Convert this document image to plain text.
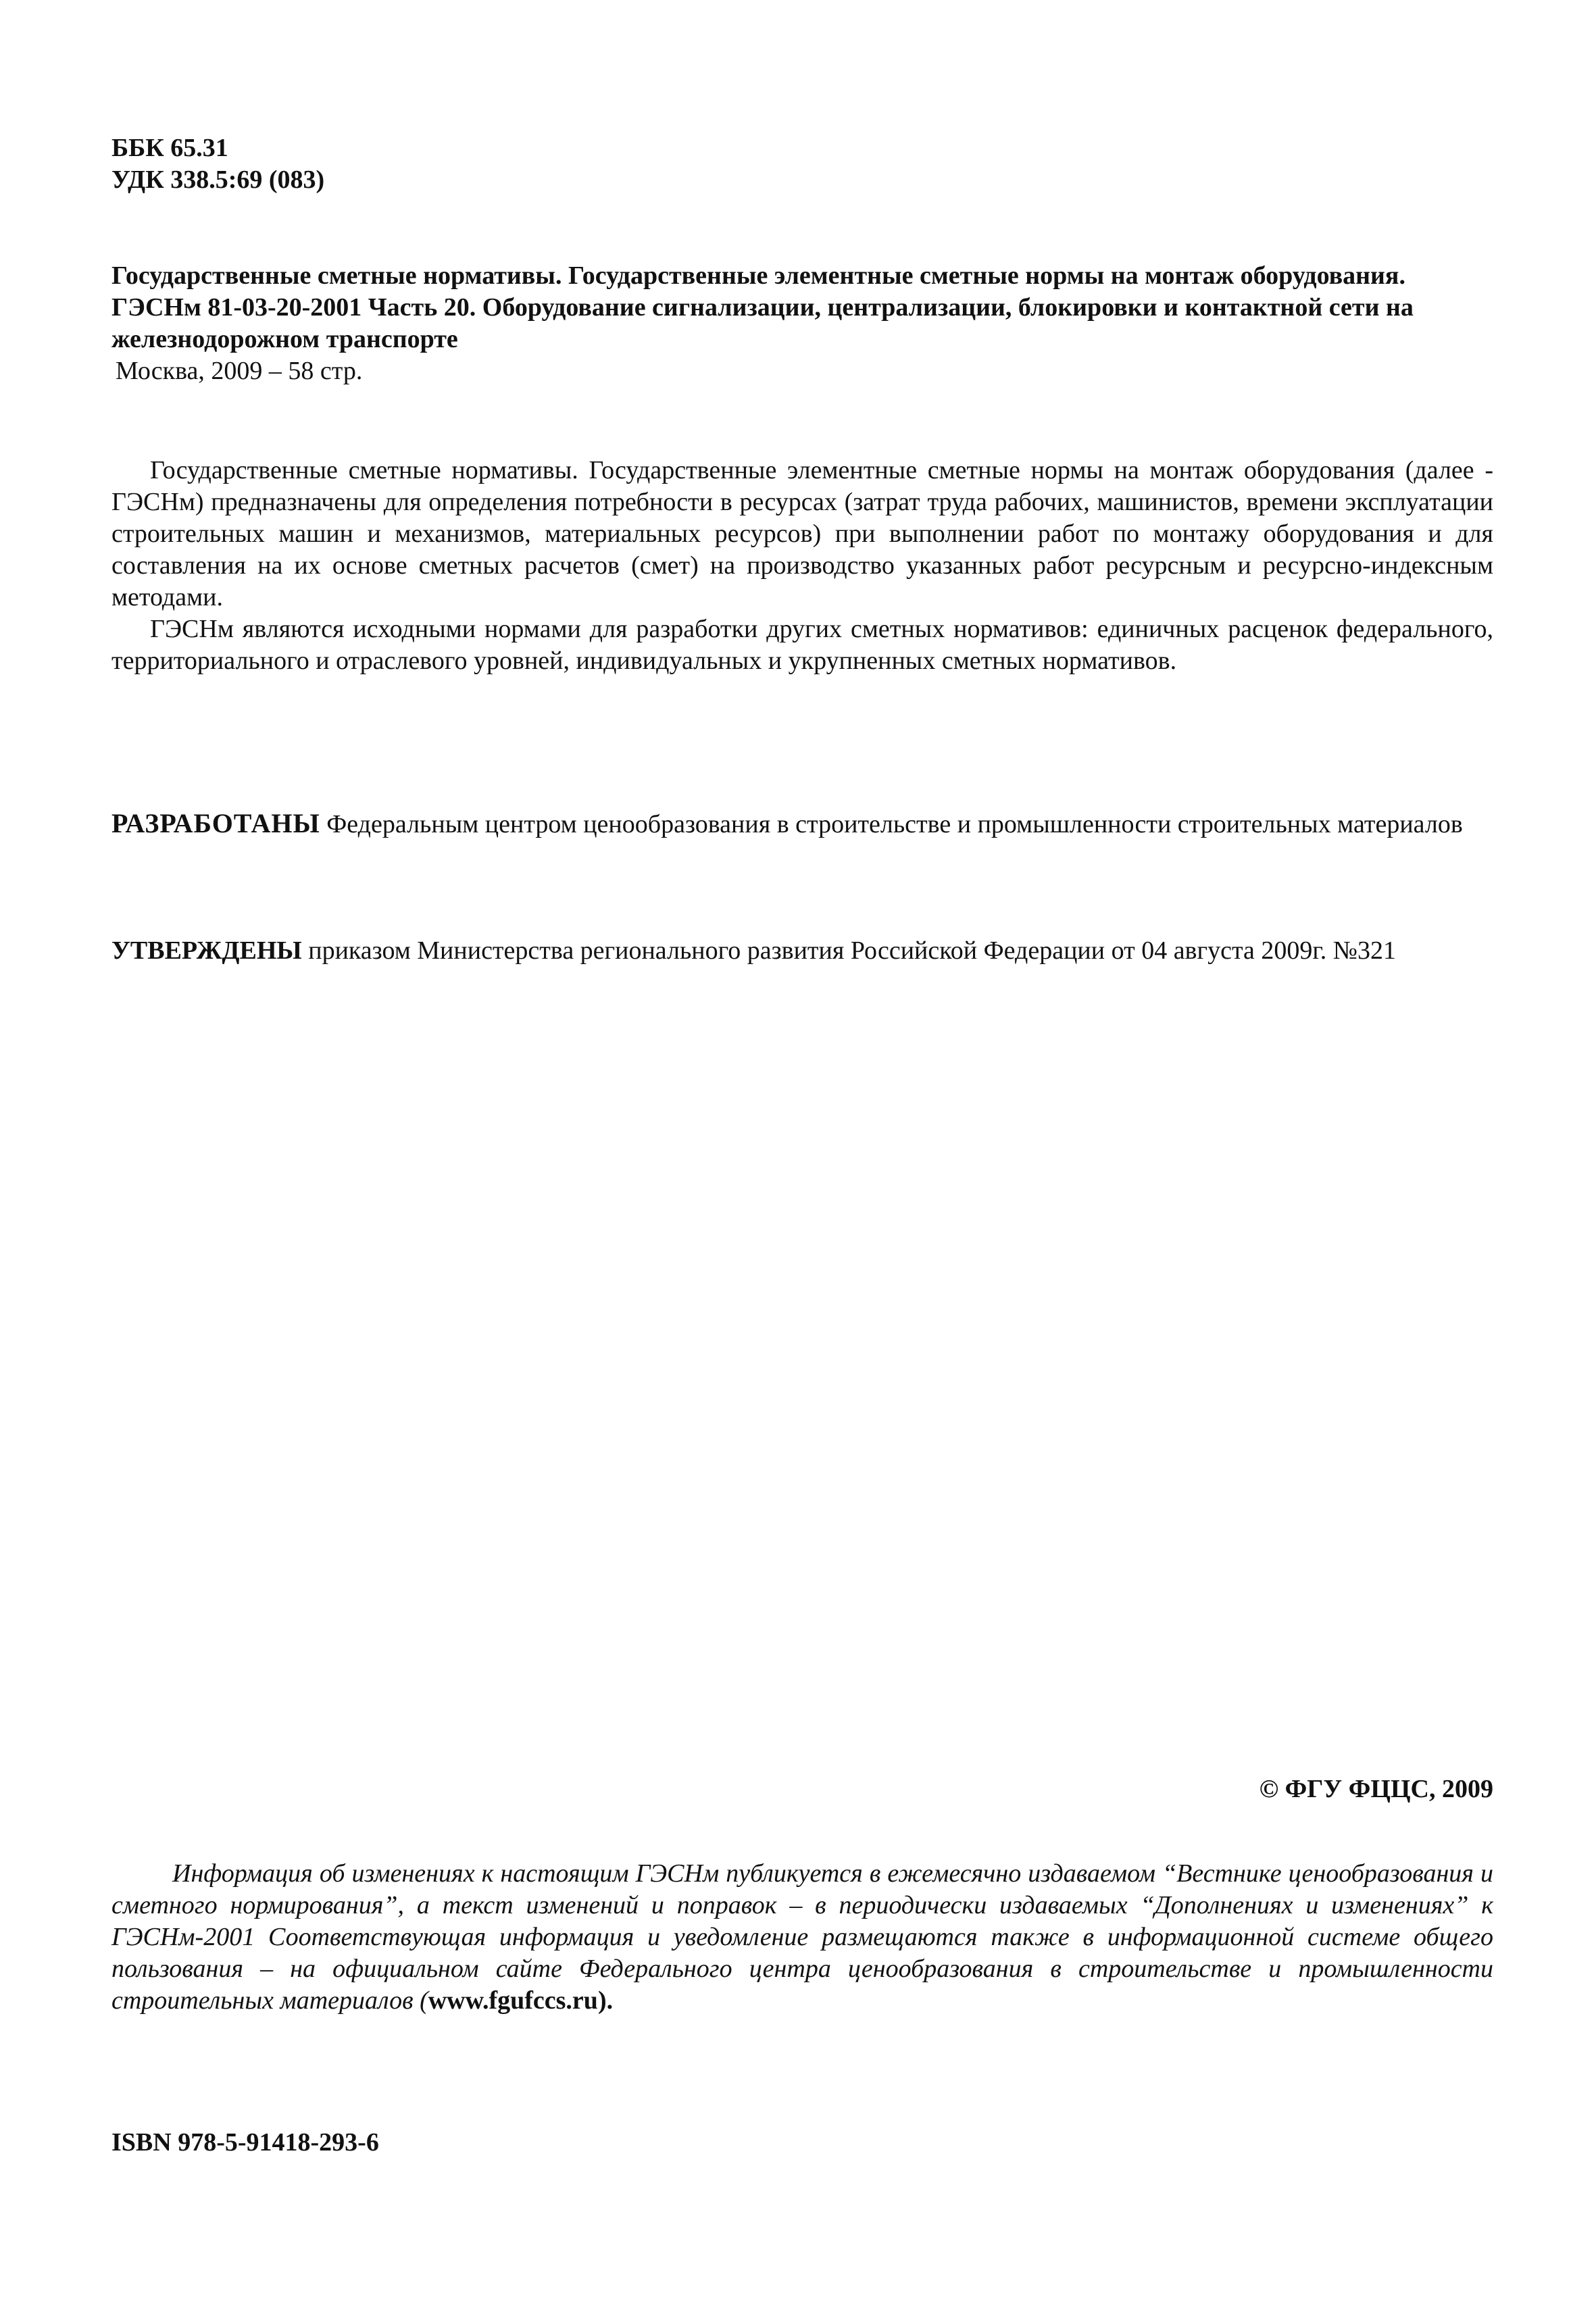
ББК 65.31
УДК 338.5:69 (083)
Государственные сметные нормативы. Государственные элементные сметные нормы на монтаж оборудования.
ГЭСНм 81-03-20-2001 Часть 20. Оборудование сигнализации, централизации, блокировки и контактной сети на железнодорожном транспорте
Москва, 2009 – 58 стр.

Государственные сметные нормативы. Государственные элементные сметные нормы на монтаж оборудования (далее - ГЭСНм) предназначены для определения потребности в ресурсах (затрат труда рабочих, машинистов, времени эксплуатации строительных машин и механизмов, материальных ресурсов) при выполнении работ по монтажу оборудования и для составления на их основе сметных расчетов (смет) на производство указанных работ ресурсным и ресурсно-индексным методами.

ГЭСНм являются исходными нормами для разработки других сметных нормативов: единичных расценок федерального, территориального и отраслевого уровней, индивидуальных и укрупненных сметных нормативов.

РАЗРАБОТАНЫ Федеральным центром ценообразования в строительстве и промышленности строительных материалов
УТВЕРЖДЕНЫ приказом Министерства регионального развития Российской Федерации от 04 августа 2009г. №321
© ФГУ ФЦЦС, 2009

Информация об изменениях к настоящим ГЭСНм публикуется в ежемесячно издаваемом “Вестнике ценообразования и сметного нормирования”, а текст изменений и поправок – в периодически издаваемых “Дополнениях и изменениях” к ГЭСНм-2001 Соответствующая информация и уведомление размещаются также в информационной системе общего пользования – на официальном сайте Федерального центра ценообразования в строительстве и промышленности строительных материалов (www.fgufccs.ru).

ISBN 978-5-91418-293-6
